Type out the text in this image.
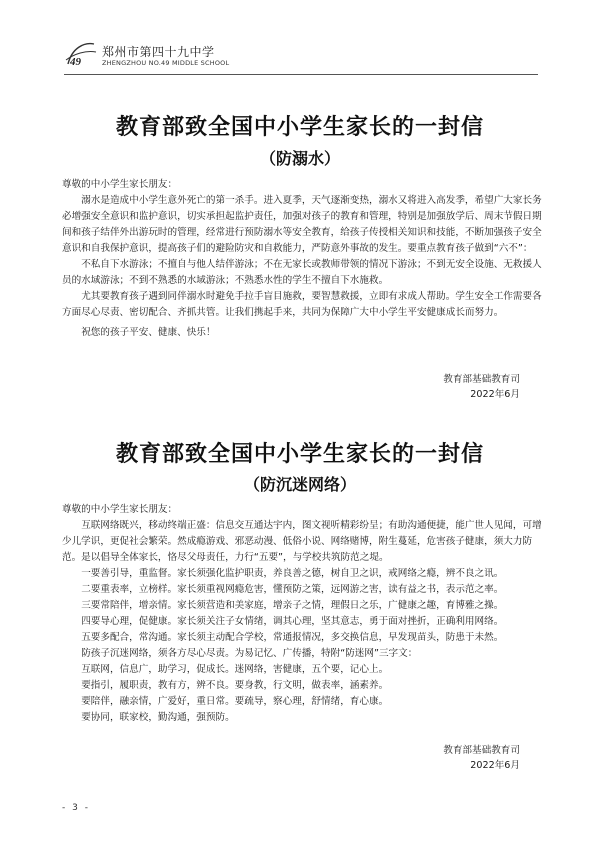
49
郑州市第四十九中学
ZHENGZHOU NO.49 MIDDLE SCHOOL
教育部致全国中小学生家长的一封信
（防溺水）

尊敬的中小学生家长朋友：

溺水是造成中小学生意外死亡的第一杀手。进入夏季，天气逐渐变热，溺水又将进入高发季，希望广大家长务必增强安全意识和监护意识，切实承担起监护责任，加强对孩子的教育和管理，特别是加强放学后、周末节假日期间和孩子结伴外出游玩时的管理，经常进行预防溺水等安全教育，给孩子传授相关知识和技能，不断加强孩子安全意识和自我保护意识，提高孩子们的避险防灾和自救能力，严防意外事故的发生。要重点教育孩子做到“六不”：

不私自下水游泳；不擅自与他人结伴游泳；不在无家长或教师带领的情况下游泳；不到无安全设施、无救援人员的水域游泳；不到不熟悉的水域游泳；不熟悉水性的学生不擅自下水施救。

尤其要教育孩子遇到同伴溺水时避免手拉手盲目施救，要智慧救援，立即有求成人帮助。学生安全工作需要各方面尽心尽责、密切配合、齐抓共管。让我们携起手来，共同为保障广大中小学生平安健康成长而努力。

祝您的孩子平安、健康、快乐！

教育部基础教育司
2022年6月
教育部致全国中小学生家长的一封信
（防沉迷网络）

尊敬的中小学生家长朋友：

互联网络既兴，移动终端正盛：信息交互通达宇内，图文视听精彩纷呈；有助沟通便捷，能广世人见闻，可增少儿学识，更促社会繁荣。然成瘾游戏、邪恶动漫、低俗小说、网络赌博，附生蔓延，危害孩子健康，须大力防范。是以倡导全体家长，恪尽父母责任，力行“五要”，与学校共筑防范之堤。

一要善引导，重监督。家长须强化监护职责，养良善之德，树自卫之识，戒网络之瘾，辨不良之讯。

二要重表率，立榜样。家长须重视网瘾危害，懂预防之策，远网游之害，读有益之书，表示范之率。

三要常陪伴，增亲情。家长须营造和美家庭，增亲子之情，理假日之乐，广健康之趣，育博雅之操。

四要导心理，促健康。家长须关注子女情绪，调其心理，坚其意志，勇于面对挫折，正确利用网络。

五要多配合，常沟通。家长须主动配合学校，常通报情况，多交换信息，早发现苗头，防患于未然。

防孩子沉迷网络，须各方尽心尽责。为易记忆、广传播，特附“防迷网”三字文：

互联网，信息广，助学习，促成长。迷网络，害健康，五个要，记心上。

要指引，履职责，教有方，辨不良。要身教，行文明，做表率，涵素养。

要陪伴，融亲情，广爱好，重日常。要疏导，察心理，舒情绪，育心康。

要协同，联家校，勤沟通，强预防。

教育部基础教育司
2022年6月
- 3 -
